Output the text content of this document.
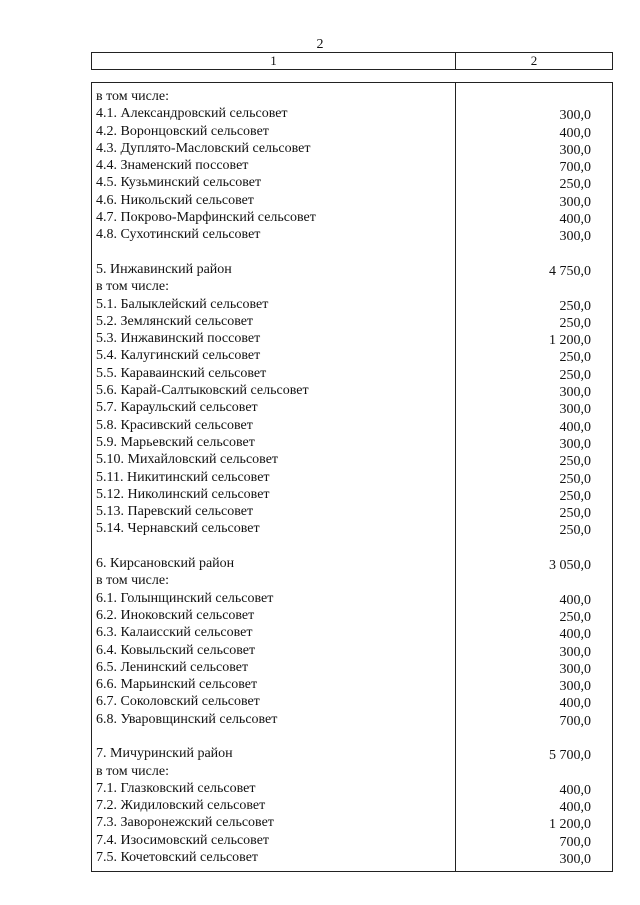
2
1	2
в том числе:
4.1. Александровский сельсовет	300,0
4.2. Воронцовский сельсовет	400,0
4.3. Дуплято-Масловский сельсовет	300,0
4.4. Знаменский поссовет	700,0
4.5. Кузьминский сельсовет	250,0
4.6. Никольский сельсовет	300,0
4.7. Покрово-Марфинский сельсовет	400,0
4.8. Сухотинский сельсовет	300,0
5. Инжавинский район	4 750,0
в том числе:
5.1. Балыклейский сельсовет	250,0
5.2. Землянский сельсовет	250,0
5.3. Инжавинский поссовет	1 200,0
5.4. Калугинский сельсовет	250,0
5.5. Караваинский сельсовет	250,0
5.6. Карай-Салтыковский сельсовет	300,0
5.7. Караульский сельсовет	300,0
5.8. Красивский сельсовет	400,0
5.9. Марьевский сельсовет	300,0
5.10. Михайловский сельсовет	250,0
5.11. Никитинский сельсовет	250,0
5.12. Николинский сельсовет	250,0
5.13. Паревский сельсовет	250,0
5.14. Чернавский сельсовет	250,0
6. Кирсановский район	3 050,0
в том числе:
6.1. Голынщинский сельсовет	400,0
6.2. Иноковский сельсовет	250,0
6.3. Калаисский сельсовет	400,0
6.4. Ковыльский сельсовет	300,0
6.5. Ленинский сельсовет	300,0
6.6. Марьинский сельсовет	300,0
6.7. Соколовский сельсовет	400,0
6.8. Уваровщинский сельсовет	700,0
7. Мичуринский район	5 700,0
в том числе:
7.1. Глазковский сельсовет	400,0
7.2. Жидиловский сельсовет	400,0
7.3. Заворонежский сельсовет	1 200,0
7.4. Изосимовский сельсовет	700,0
7.5. Кочетовский сельсовет	300,0
